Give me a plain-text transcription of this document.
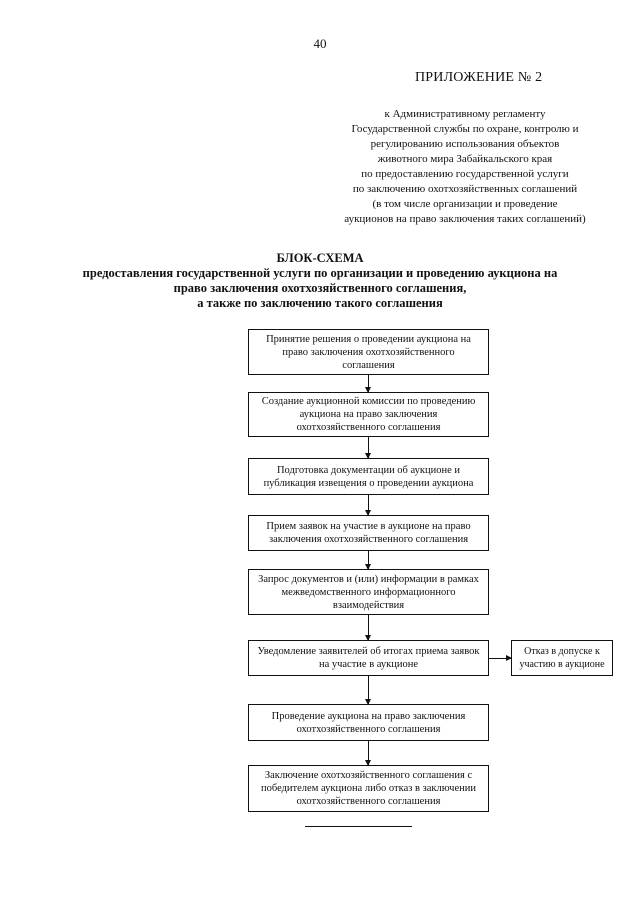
40
ПРИЛОЖЕНИЕ № 2
к Административному регламенту
Государственной службы по охране, контролю и
регулированию использования объектов
животного мира Забайкальского края
по предоставлению государственной услуги
по заключению охотхозяйственных соглашений
(в том числе организации и проведение
аукционов на право заключения таких соглашений)
БЛОК-СХЕМА
предоставления государственной услуги по организации и проведению аукциона на
право заключения охотхозяйственного соглашения,
а также по заключению такого соглашения
Принятие решения о проведении аукциона на право заключения охотхозяйственного соглашения
Создание аукционной комиссии по проведению аукциона на право заключения охотхозяйственного соглашения
Подготовка документации об аукционе и публикация извещения о проведении аукциона
Прием заявок на участие в аукционе на право заключения охотхозяйственного соглашения
Запрос документов и (или) информации в рамках межведомственного информационного взаимодействия
Уведомление заявителей об итогах приема заявок на участие в аукционе
Отказ в допуске к участию в аукционе
Проведение аукциона на право заключения охотхозяйственного соглашения
Заключение охотхозяйственного соглашения с победителем аукциона либо отказ в заключении охотхозяйственного соглашения
